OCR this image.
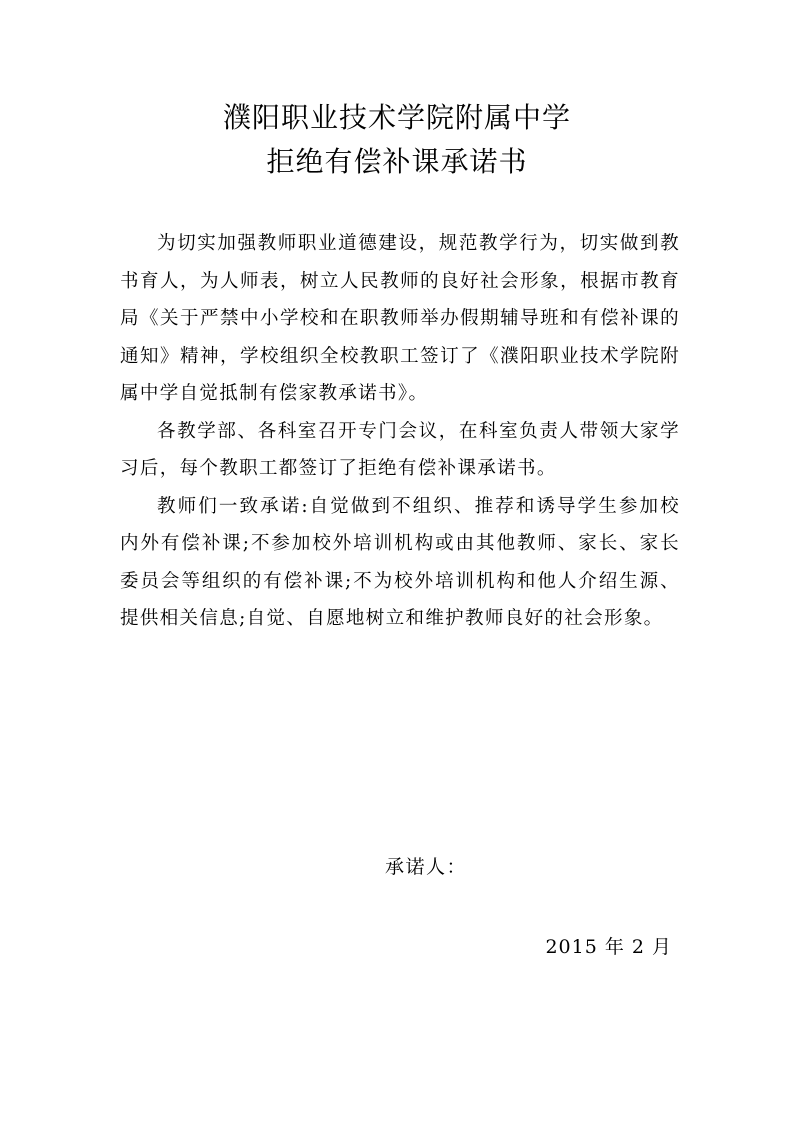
濮阳职业技术学院附属中学
拒绝有偿补课承诺书

为切实加强教师职业道德建设，规范教学行为，切实做到教书育人，为人师表，树立人民教师的良好社会形象，根据市教育局《关于严禁中小学校和在职教师举办假期辅导班和有偿补课的通知》精神，学校组织全校教职工签订了《濮阳职业技术学院附属中学自觉抵制有偿家教承诺书》。

各教学部、各科室召开专门会议，在科室负责人带领大家学习后，每个教职工都签订了拒绝有偿补课承诺书。

教师们一致承诺:自觉做到不组织、推荐和诱导学生参加校内外有偿补课;不参加校外培训机构或由其他教师、家长、家长委员会等组织的有偿补课;不为校外培训机构和他人介绍生源、提供相关信息;自觉、自愿地树立和维护教师良好的社会形象。

承诺人：
2015 年 2 月
